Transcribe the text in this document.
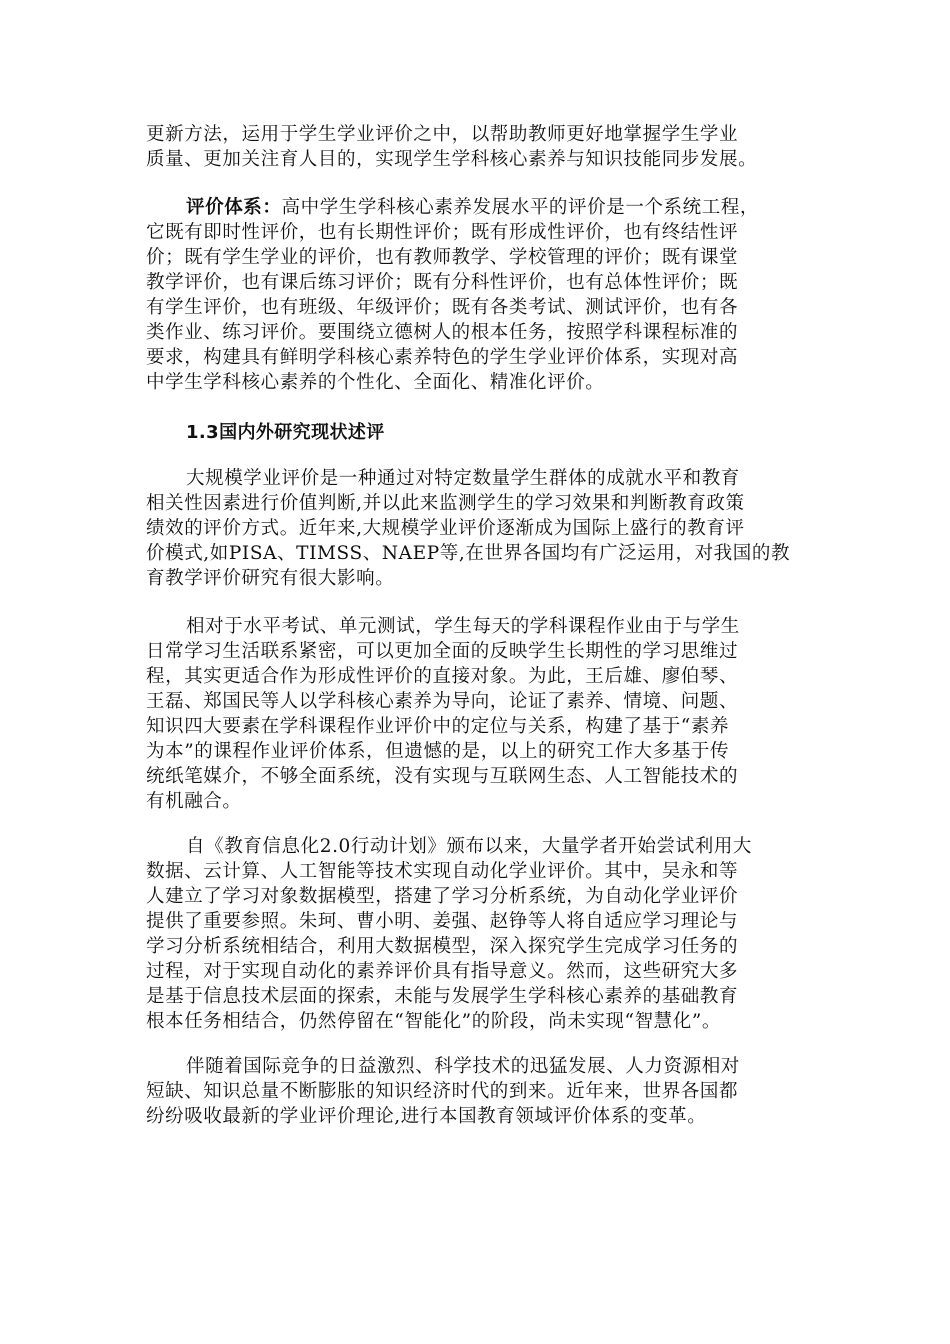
更新方法，运用于学生学业评价之中，以帮助教师更好地掌握学生学业
质量、更加关注育人目的，实现学生学科核心素养与知识技能同步发展。
评价体系：高中学生学科核心素养发展水平的评价是一个系统工程，
它既有即时性评价，也有长期性评价；既有形成性评价，也有终结性评
价；既有学生学业的评价，也有教师教学、学校管理的评价；既有课堂
教学评价，也有课后练习评价；既有分科性评价，也有总体性评价；既
有学生评价，也有班级、年级评价；既有各类考试、测试评价，也有各
类作业、练习评价。要围绕立德树人的根本任务，按照学科课程标准的
要求，构建具有鲜明学科核心素养特色的学生学业评价体系，实现对高
中学生学科核心素养的个性化、全面化、精准化评价。
1.3国内外研究现状述评
大规模学业评价是一种通过对特定数量学生群体的成就水平和教育
相关性因素进行价值判断,并以此来监测学生的学习效果和判断教育政策
绩效的评价方式。近年来,大规模学业评价逐渐成为国际上盛行的教育评
价模式,如PISA、TIMSS、NAEP等,在世界各国均有广泛运用，对我国的教
育教学评价研究有很大影响。
相对于水平考试、单元测试，学生每天的学科课程作业由于与学生
日常学习生活联系紧密，可以更加全面的反映学生长期性的学习思维过
程，其实更适合作为形成性评价的直接对象。为此，王后雄、廖伯琴、
王磊、郑国民等人以学科核心素养为导向，论证了素养、情境、问题、
知识四大要素在学科课程作业评价中的定位与关系，构建了基于“素养
为本”的课程作业评价体系，但遗憾的是，以上的研究工作大多基于传
统纸笔媒介，不够全面系统，没有实现与互联网生态、人工智能技术的
有机融合。
自《教育信息化2.0行动计划》颁布以来，大量学者开始尝试利用大
数据、云计算、人工智能等技术实现自动化学业评价。其中，吴永和等
人建立了学习对象数据模型，搭建了学习分析系统，为自动化学业评价
提供了重要参照。朱珂、曹小明、姜强、赵铮等人将自适应学习理论与
学习分析系统相结合，利用大数据模型，深入探究学生完成学习任务的
过程，对于实现自动化的素养评价具有指导意义。然而，这些研究大多
是基于信息技术层面的探索，未能与发展学生学科核心素养的基础教育
根本任务相结合，仍然停留在“智能化”的阶段，尚未实现“智慧化”。
伴随着国际竞争的日益激烈、科学技术的迅猛发展、人力资源相对
短缺、知识总量不断膨胀的知识经济时代的到来。近年来，世界各国都
纷纷吸收最新的学业评价理论,进行本国教育领域评价体系的变革。
